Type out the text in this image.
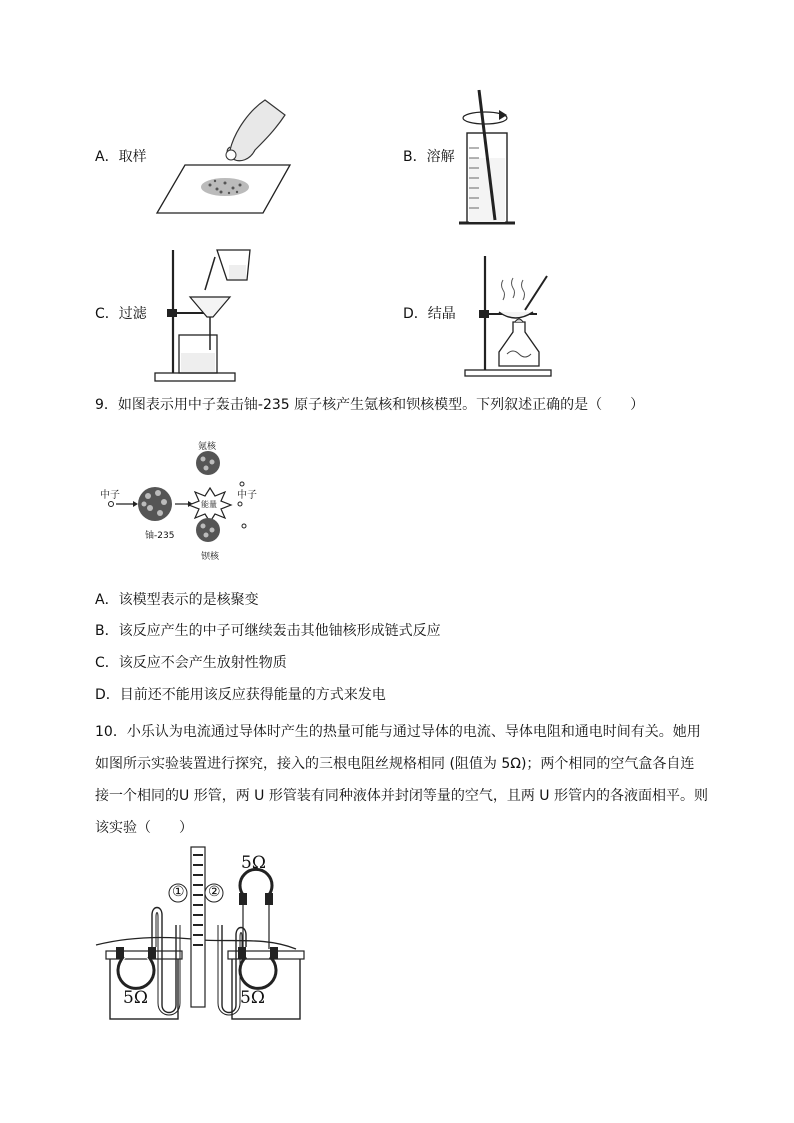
A．取样	B．溶解
C．过滤	D．结晶
9．如图表示用中子轰击铀-235 原子核产生氪核和钡核模型。下列叙述正确的是（　　）
中子
铀-235
氪核
能量
中子
钡核
A．该模型表示的是核聚变
B．该反应产生的中子可继续轰击其他铀核形成链式反应
C．该反应不会产生放射性物质
D．目前还不能用该反应获得能量的方式来发电
10．小乐认为电流通过导体时产生的热量可能与通过导体的电流、导体电阻和通电时间有关。她用
如图所示实验装置进行探究，接入的三根电阻丝规格相同 (阻值为 5Ω)；两个相同的空气盒各自连
接一个相同的U 形管，两 U 形管装有同种液体并封闭等量的空气，且两 U 形管内的各液面相平。则
该实验（　　）
① ②
5Ω
5Ω	5Ω
